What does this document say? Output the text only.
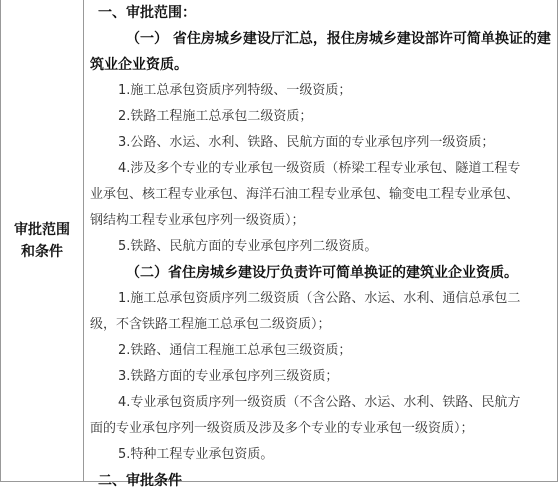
审批范围和条件
一、审批范围：
（一） 省住房城乡建设厅汇总，报住房城乡建设部许可简单换证的建
筑业企业资质。
1.施工总承包资质序列特级、一级资质；
2.铁路工程施工总承包二级资质；
3.公路、水运、水利、铁路、民航方面的专业承包序列一级资质；
4.涉及多个专业的专业承包一级资质（桥梁工程专业承包、隧道工程专
业承包、核工程专业承包、海洋石油工程专业承包、输变电工程专业承包、
钢结构工程专业承包序列一级资质）；
5.铁路、民航方面的专业承包序列二级资质。
（二）省住房城乡建设厅负责许可简单换证的建筑业企业资质。
1.施工总承包资质序列二级资质（含公路、水运、水利、通信总承包二
级，不含铁路工程施工总承包二级资质）；
2.铁路、通信工程施工总承包三级资质；
3.铁路方面的专业承包序列三级资质；
4.专业承包资质序列一级资质（不含公路、水运、水利、铁路、民航方
面的专业承包序列一级资质及涉及多个专业的专业承包一级资质）；
5.特种工程专业承包资质。
二、审批条件
